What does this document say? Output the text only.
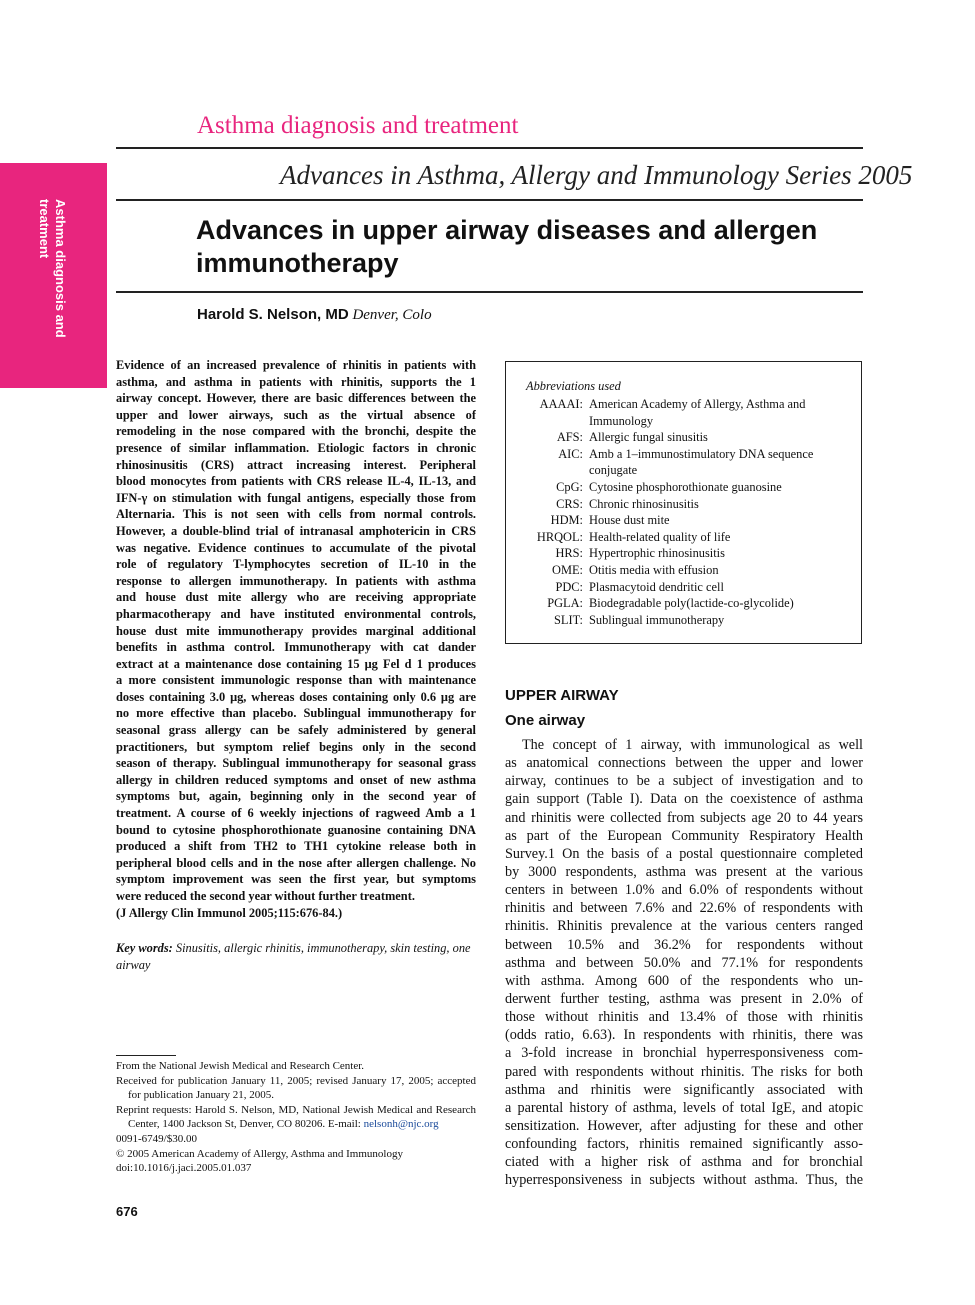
Asthma diagnosis and treatment
Asthma diagnosis and treatment
Advances in Asthma, Allergy and Immunology Series 2005
Advances in upper airway diseases and allergen immunotherapy
Harold S. Nelson, MD Denver, Colo
Evidence of an increased prevalence of rhinitis in patients with
asthma, and asthma in patients with rhinitis, supports the 1
airway concept. However, there are basic differences between the
upper and lower airways, such as the virtual absence of
remodeling in the nose compared with the bronchi, despite the
presence of similar inflammation. Etiologic factors in chronic
rhinosinusitis (CRS) attract increasing interest. Peripheral
blood monocytes from patients with CRS release IL-4, IL-13, and
IFN-γ on stimulation with fungal antigens, especially those from
Alternaria. This is not seen with cells from normal controls.
However, a double-blind trial of intranasal amphotericin in CRS
was negative. Evidence continues to accumulate of the pivotal
role of regulatory T-lymphocytes secretion of IL-10 in the
response to allergen immunotherapy. In patients with asthma
and house dust mite allergy who are receiving appropriate
pharmacotherapy and have instituted environmental controls,
house dust mite immunotherapy provides marginal additional
benefits in asthma control. Immunotherapy with cat dander
extract at a maintenance dose containing 15 μg Fel d 1 produces
a more consistent immunologic response than with maintenance
doses containing 3.0 μg, whereas doses containing only 0.6 μg are
no more effective than placebo. Sublingual immunotherapy for
seasonal grass allergy can be safely administered by general
practitioners, but symptom relief begins only in the second
season of therapy. Sublingual immunotherapy for seasonal grass
allergy in children reduced symptoms and onset of new asthma
symptoms but, again, beginning only in the second year of
treatment. A course of 6 weekly injections of ragweed Amb a 1
bound to cytosine phosphorothionate guanosine containing DNA
produced a shift from TH2 to TH1 cytokine release both in
peripheral blood cells and in the nose after allergen challenge. No
symptom improvement was seen the first year, but symptoms
were reduced the second year without further treatment.
(J Allergy Clin Immunol 2005;115:676-84.)
Key words: Sinusitis, allergic rhinitis, immunotherapy, skin testing, one airway

From the National Jewish Medical and Research Center.

Received for publication January 11, 2005; revised January 17, 2005; accepted for publication January 21, 2005.

Reprint requests: Harold S. Nelson, MD, National Jewish Medical and Research Center, 1400 Jackson St, Denver, CO 80206. E-mail: nelsonh@njc.org

0091-6749/$30.00

© 2005 American Academy of Allergy, Asthma and Immunology

doi:10.1016/j.jaci.2005.01.037

676
Abbreviations used
AAAAI: American Academy of Allergy, Asthma and Immunology
AFS: Allergic fungal sinusitis
AIC: Amb a 1–immunostimulatory DNA sequence conjugate
CpG: Cytosine phosphorothionate guanosine
CRS: Chronic rhinosinusitis
HDM: House dust mite
HRQOL: Health-related quality of life
HRS: Hypertrophic rhinosinusitis
OME: Otitis media with effusion
PDC: Plasmacytoid dendritic cell
PGLA: Biodegradable poly(lactide-co-glycolide)
SLIT: Sublingual immunotherapy
UPPER AIRWAY
One airway
The concept of 1 airway, with immunological as well
as anatomical connections between the upper and lower
airway, continues to be a subject of investigation and to
gain support (Table I). Data on the coexistence of asthma
and rhinitis were collected from subjects age 20 to 44 years
as part of the European Community Respiratory Health
Survey.1 On the basis of a postal questionnaire completed
by 3000 respondents, asthma was present at the various
centers in between 1.0% and 6.0% of respondents without
rhinitis and between 7.6% and 22.6% of respondents with
rhinitis. Rhinitis prevalence at the various centers ranged
between 10.5% and 36.2% for respondents without
asthma and between 50.0% and 77.1% for respondents
with asthma. Among 600 of the respondents who un-
derwent further testing, asthma was present in 2.0% of
those without rhinitis and 13.4% of those with rhinitis
(odds ratio, 6.63). In respondents with rhinitis, there was
a 3-fold increase in bronchial hyperresponsiveness com-
pared with respondents without rhinitis. The risks for both
asthma and rhinitis were significantly associated with
a parental history of asthma, levels of total IgE, and atopic
sensitization. However, after adjusting for these and other
confounding factors, rhinitis remained significantly asso-
ciated with a higher risk of asthma and for bronchial
hyperresponsiveness in subjects without asthma. Thus, the
